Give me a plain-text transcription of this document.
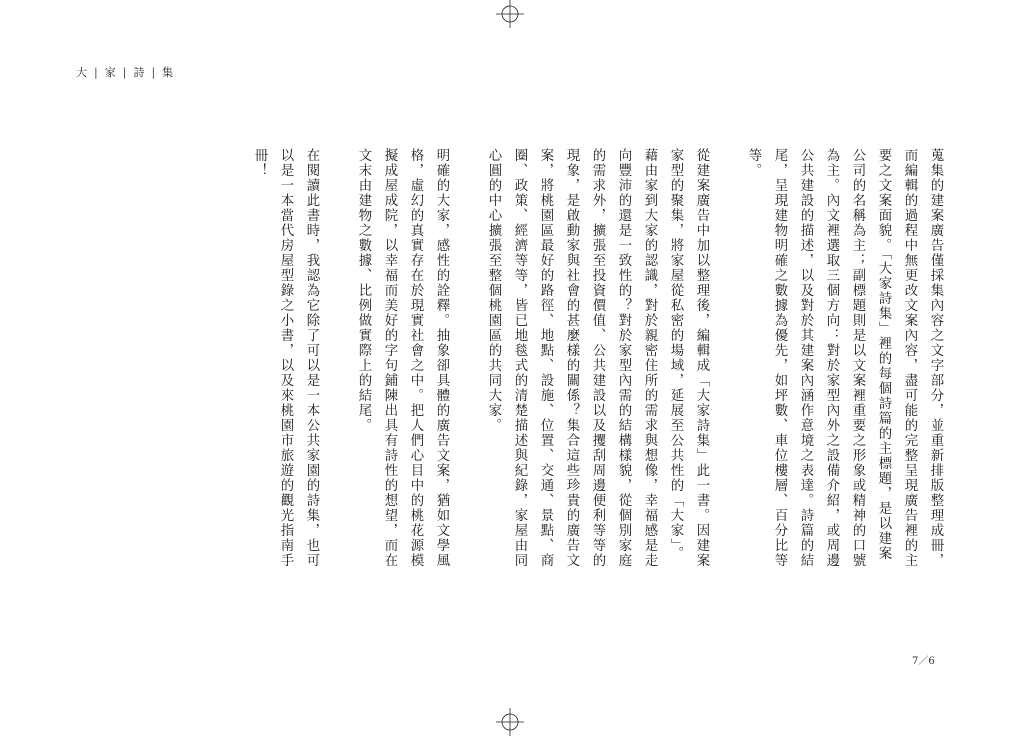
大 | 家 | 詩 | 集

蒐集的建案廣告僅採集內容之文字部分，並重新排版整理成冊，而編輯的過程中無更改文案內容，盡可能的完整呈現廣告裡的主要之文案面貌。「大家詩集」裡的每個詩篇的主標題，是以建案公司的名稱為主；副標題則是以文案裡重要之形象或精神的口號為主。內文裡選取三個方向：對於家型內外之設備介紹，或周邊公共建設的描述，以及對於其建案內涵作意境之表達。詩篇的結尾，呈現建物明確之數據為優先，如坪數、車位樓層、百分比等等。

從建案廣告中加以整理後，編輯成「大家詩集」此一書。因建案家型的聚集，將家屋從私密的場域，延展至公共性的「大家」。藉由家到大家的認識，對於親密住所的需求與想像，幸福感是走向豐沛的還是一致性的？對於家型內需的結構樣貌，從個別家庭的需求外，擴張至投資價值、公共建設以及攫刮周邊便利等等的現象，是啟動家與社會的甚麼樣的關係？集合這些珍貴的廣告文案，將桃園區最好的路徑、地點、設施、位置、交通、景點、商圈、政策、經濟等等，皆已地毯式的清楚描述與紀錄，家屋由同心圓的中心擴張至整個桃園區的共同大家。

明確的大家，感性的詮釋。抽象卻具體的廣告文案，猶如文學風格，虛幻的真實存在於現實社會之中。把人們心目中的桃花源模擬成屋成院，以幸福而美好的字句鋪陳出具有詩性的想望，而在文末由建物之數據、比例做實際上的結尾。

在閱讀此書時，我認為它除了可以是一本公共家園的詩集，也可以是一本當代房屋型錄之小書，以及來桃園市旅遊的觀光指南手冊！

7／6
